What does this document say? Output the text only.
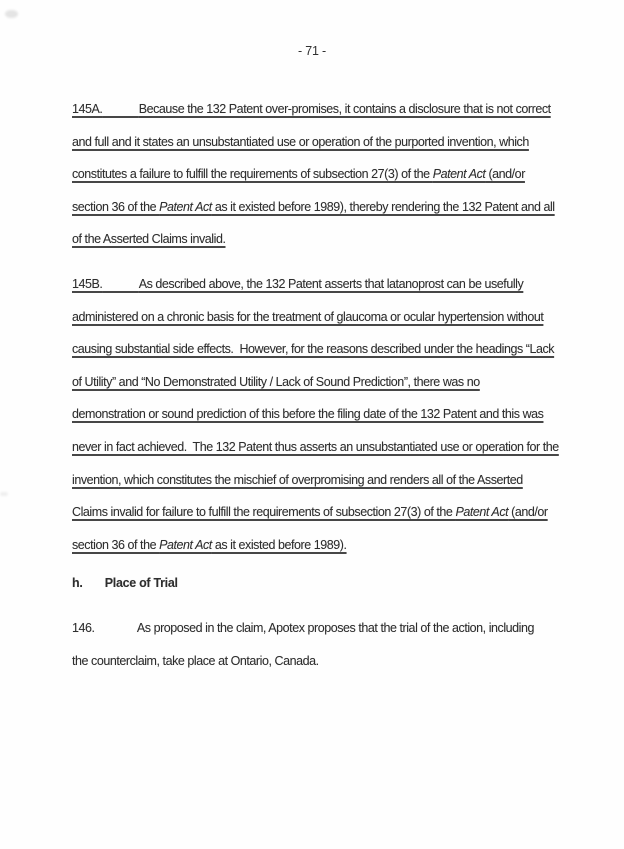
- 71 -
145A.	Because the 132 Patent over-promises, it contains a disclosure that is not correct
and full and it states an unsubstantiated use or operation of the purported invention, which
constitutes a failure to fulfill the requirements of subsection 27(3) of the Patent Act (and/or
section 36 of the Patent Act as it existed before 1989), thereby rendering the 132 Patent and all
of the Asserted Claims invalid.
145B.	As described above, the 132 Patent asserts that latanoprost can be usefully
administered on a chronic basis for the treatment of glaucoma or ocular hypertension without
causing substantial side effects.  However, for the reasons described under the headings “Lack
of Utility” and “No Demonstrated Utility / Lack of Sound Prediction”, there was no
demonstration or sound prediction of this before the filing date of the 132 Patent and this was
never in fact achieved.  The 132 Patent thus asserts an unsubstantiated use or operation for the
invention, which constitutes the mischief of overpromising and renders all of the Asserted
Claims invalid for failure to fulfill the requirements of subsection 27(3) of the Patent Act (and/or
section 36 of the Patent Act as it existed before 1989).
h. Place of Trial
146.	As proposed in the claim, Apotex proposes that the trial of the action, including
the counterclaim, take place at Ontario, Canada.
